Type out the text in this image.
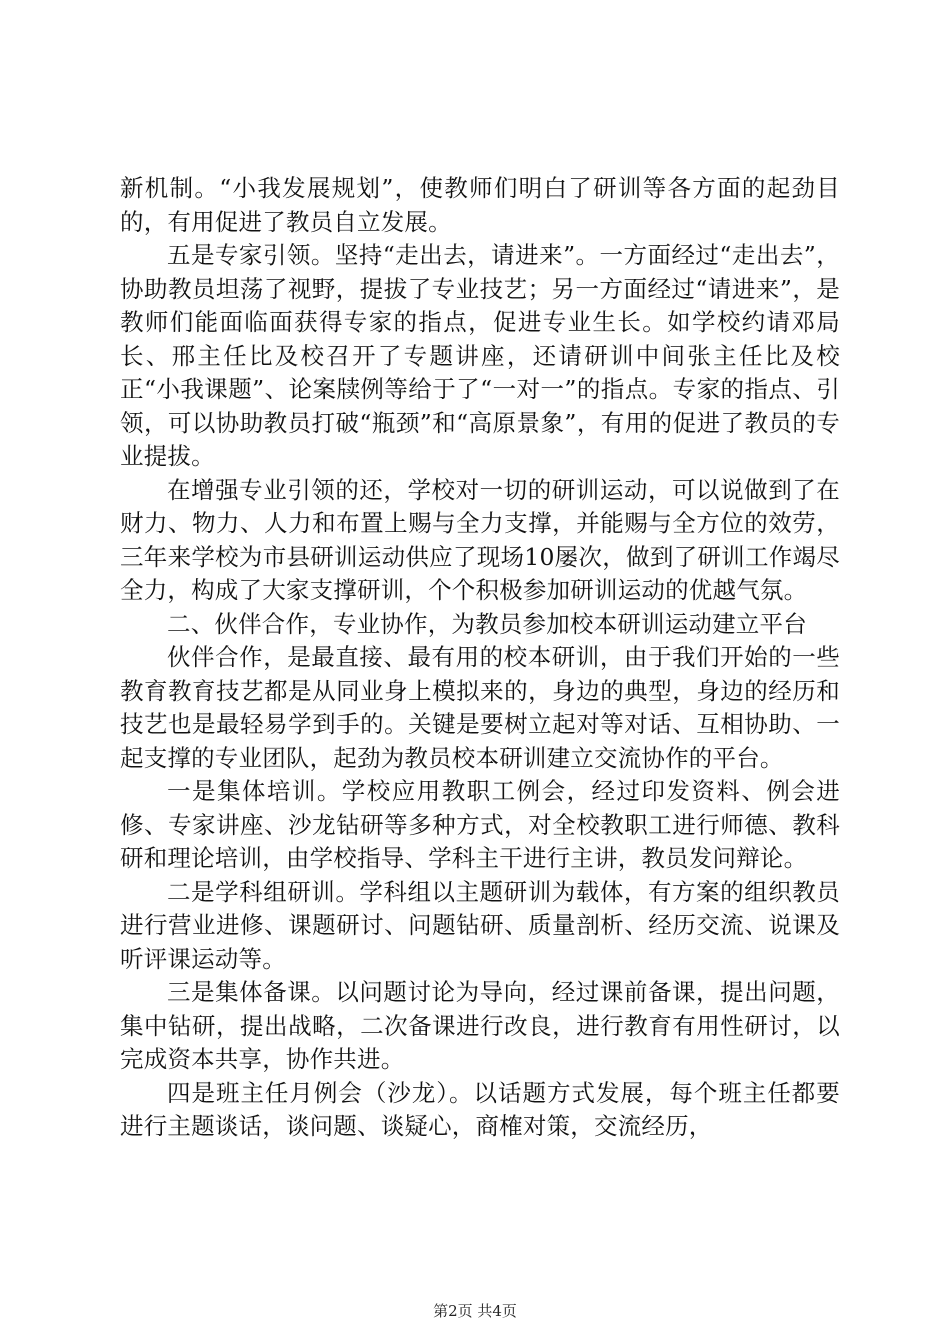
新机制。“小我发展规划”，使教师们明白了研训等各方面的起劲目的，有用促进了教员自立发展。

五是专家引领。坚持“走出去，请进来”。一方面经过“走出去”，协助教员坦荡了视野，提拔了专业技艺；另一方面经过“请进来”，是教师们能面临面获得专家的指点，促进专业生长。如学校约请邓局长、邢主任比及校召开了专题讲座，还请研训中间张主任比及校正“小我课题”、论案牍例等给于了“一对一”的指点。专家的指点、引领，可以协助教员打破“瓶颈”和“高原景象”，有用的促进了教员的专业提拔。

在增强专业引领的还，学校对一切的研训运动，可以说做到了在财力、物力、人力和布置上赐与全力支撑，并能赐与全方位的效劳，三年来学校为市县研训运动供应了现场10屡次，做到了研训工作竭尽全力，构成了大家支撑研训，个个积极参加研训运动的优越气氛。

二、伙伴合作，专业协作，为教员参加校本研训运动建立平台

伙伴合作，是最直接、最有用的校本研训，由于我们开始的一些教育教育技艺都是从同业身上模拟来的，身边的典型，身边的经历和技艺也是最轻易学到手的。关键是要树立起对等对话、互相协助、一起支撑的专业团队，起劲为教员校本研训建立交流协作的平台。

一是集体培训。学校应用教职工例会，经过印发资料、例会进修、专家讲座、沙龙钻研等多种方式，对全校教职工进行师德、教科研和理论培训，由学校指导、学科主干进行主讲，教员发问辩论。

二是学科组研训。学科组以主题研训为载体，有方案的组织教员进行营业进修、课题研讨、问题钻研、质量剖析、经历交流、说课及听评课运动等。

三是集体备课。以问题讨论为导向，经过课前备课，提出问题，集中钻研，提出战略，二次备课进行改良，进行教育有用性研讨，以完成资本共享，协作共进。

四是班主任月例会（沙龙）。以话题方式发展，每个班主任都要进行主题谈话，谈问题、谈疑心，商榷对策，交流经历，

第2页 共4页
